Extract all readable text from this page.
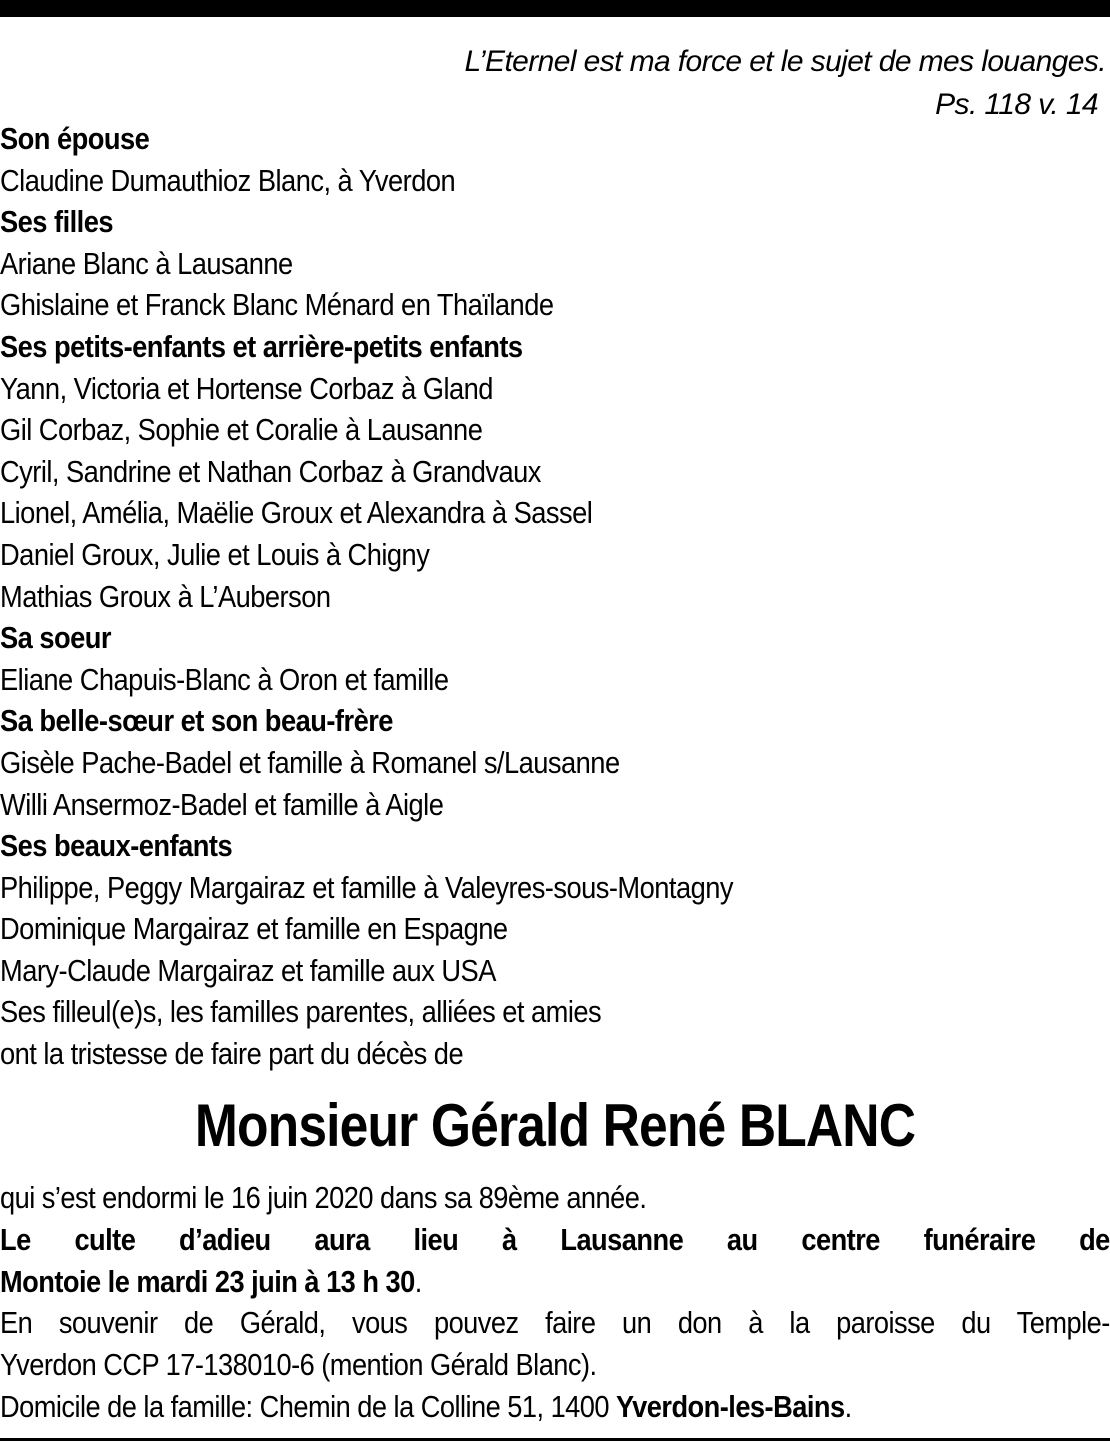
L’Eternel est ma force et le sujet de mes louanges.
Ps. 118 v. 14
Son épouse
Claudine Dumauthioz Blanc, à Yverdon
Ses filles
Ariane Blanc à Lausanne
Ghislaine et Franck Blanc Ménard en Thaïlande
Ses petits-enfants et arrière-petits enfants
Yann, Victoria et Hortense Corbaz à Gland
Gil Corbaz, Sophie et Coralie à Lausanne
Cyril, Sandrine et Nathan Corbaz à Grandvaux
Lionel, Amélia, Maëlie Groux et Alexandra à Sassel
Daniel Groux, Julie et Louis à Chigny
Mathias Groux à L’Auberson
Sa soeur
Eliane Chapuis-Blanc à Oron et famille
Sa belle-sœur et son beau-frère
Gisèle Pache-Badel et famille à Romanel s/Lausanne
Willi Ansermoz-Badel et famille à Aigle
Ses beaux-enfants
Philippe, Peggy Margairaz et famille à Valeyres-sous-Montagny
Dominique Margairaz et famille en Espagne
Mary-Claude Margairaz et famille aux USA
Ses filleul(e)s, les familles parentes, alliées et amies
ont la tristesse de faire part du décès de
Monsieur Gérald René BLANC
qui s’est endormi le 16 juin 2020 dans sa 89ème année.
Le culte d’adieu aura lieu à Lausanne au centre funéraire de
Montoie le mardi 23 juin à 13 h 30.
En souvenir de Gérald, vous pouvez faire un don à la paroisse du Temple-
Yverdon CCP 17-138010-6 (mention Gérald Blanc).
Domicile de la famille: Chemin de la Colline 51, 1400 Yverdon-les-Bains.
